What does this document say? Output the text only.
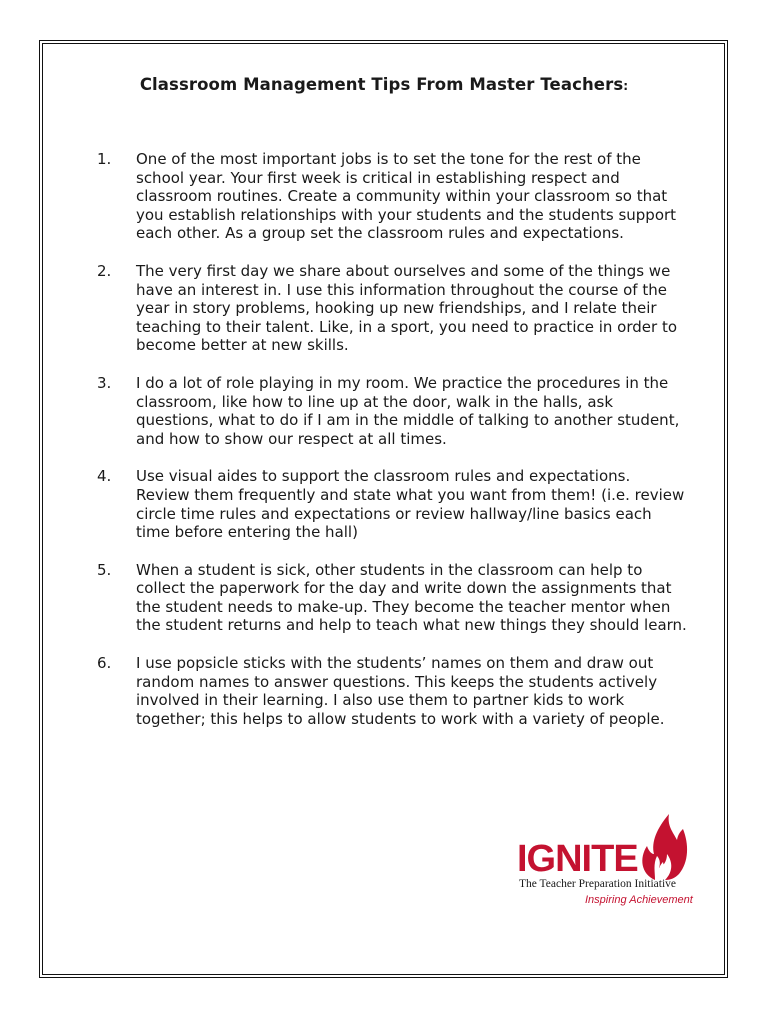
Classroom Management Tips From Master Teachers:
1.	One of the most important jobs is to set the tone for the rest of the school year. Your first week is critical in establishing respect and classroom routines. Create a community within your classroom so that you establish relationships with your students and the students support each other. As a group set the classroom rules and expectations.
2.	The very first day we share about ourselves and some of the things we have an interest in. I use this information throughout the course of the year in story problems, hooking up new friendships, and I relate their teaching to their talent. Like, in a sport, you need to practice in order to become better at new skills.
3.	I do a lot of role playing in my room. We practice the procedures in the classroom, like how to line up at the door, walk in the halls, ask questions, what to do if I am in the middle of talking to another student, and how to show our respect at all times.
4.	Use visual aides to support the classroom rules and expectations. Review them frequently and state what you want from them! (i.e. review circle time rules and expectations or review hallway/line basics each time before entering the hall)
5.	When a student is sick, other students in the classroom can help to collect the paperwork for the day and write down the assignments that the student needs to make-up. They become the teacher mentor when the student returns and help to teach what new things they should learn.
6.	I use popsicle sticks with the students’ names on them and draw out random names to answer questions. This keeps the students actively involved in their learning. I also use them to partner kids to work together; this helps to allow students to work with a variety of people.
IGNITE
The Teacher Preparation Initiative
Inspiring Achievement
